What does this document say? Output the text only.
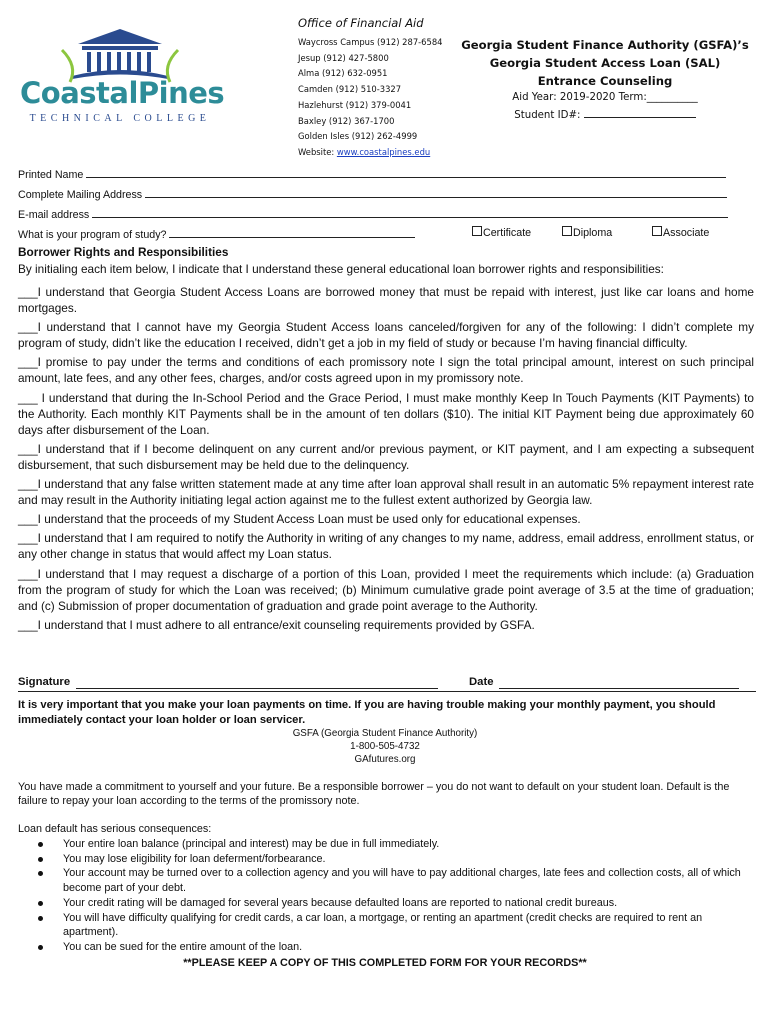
CoastalPines
TECHNICAL COLLEGE
Office of Financial Aid
Waycross Campus (912) 287-6584
Jesup (912) 427-5800
Alma (912) 632-0951
Camden (912) 510-3327
Hazlehurst (912) 379-0041
Baxley (912) 367-1700
Golden Isles (912) 262-4999
Website: www.coastalpines.edu
Georgia Student Finance Authority (GSFA)’s
Georgia Student Access Loan (SAL)
Entrance Counseling
Aid Year: 2019-2020 Term:__________
Student ID#:
Printed Name
Complete Mailing Address
E-mail address
What is your program of study?	Certificate	Diploma	Associate
Borrower Rights and Responsibilities
By initialing each item below, I indicate that I understand these general educational loan borrower rights and responsibilities:
___I understand that Georgia Student Access Loans are borrowed money that must be repaid with interest, just like car loans and home mortgages.
___I understand that I cannot have my Georgia Student Access loans canceled/forgiven for any of the following: I didn’t complete my program of study, didn’t like the education I received, didn’t get a job in my field of study or because I’m having financial difficulty.
___I promise to pay under the terms and conditions of each promissory note I sign the total principal amount, interest on such principal amount, late fees, and any other fees, charges, and/or costs agreed upon in my promissory note.
___ I understand that during the In-School Period and the Grace Period, I must make monthly Keep In Touch Payments (KIT Payments) to the Authority. Each monthly KIT Payments shall be in the amount of ten dollars ($10). The initial KIT Payment being due approximately 60 days after disbursement of the Loan.
___I understand that if I become delinquent on any current and/or previous payment, or KIT payment, and I am expecting a subsequent disbursement, that such disbursement may be held due to the delinquency.
___I understand that any false written statement made at any time after loan approval shall result in an automatic 5% repayment interest rate and may result in the Authority initiating legal action against me to the fullest extent authorized by Georgia law.
___I understand that the proceeds of my Student Access Loan must be used only for educational expenses.
___I understand that I am required to notify the Authority in writing of any changes to my name, address, email address, enrollment status, or any other change in status that would affect my Loan status.
___I understand that I may request a discharge of a portion of this Loan, provided I meet the requirements which include: (a) Graduation from the program of study for which the Loan was received; (b) Minimum cumulative grade point average of 3.5 at the time of graduation; and (c) Submission of proper documentation of graduation and grade point average to the Authority.
___I understand that I must adhere to all entrance/exit counseling requirements provided by GSFA.
Signature	Date
It is very important that you make your loan payments on time. If you are having trouble making your monthly payment, you should immediately contact your loan holder or loan servicer.
GSFA (Georgia Student Finance Authority)
1-800-505-4732
GAfutures.org
You have made a commitment to yourself and your future. Be a responsible borrower – you do not want to default on your student loan. Default is the failure to repay your loan according to the terms of the promissory note.
Loan default has serious consequences:
Your entire loan balance (principal and interest) may be due in full immediately.
You may lose eligibility for loan deferment/forbearance.
Your account may be turned over to a collection agency and you will have to pay additional charges, late fees and collection costs, all of which become part of your debt.
Your credit rating will be damaged for several years because defaulted loans are reported to national credit bureaus.
You will have difficulty qualifying for credit cards, a car loan, a mortgage, or renting an apartment (credit checks are required to rent an apartment).
You can be sued for the entire amount of the loan.
**PLEASE KEEP A COPY OF THIS COMPLETED FORM FOR YOUR RECORDS**
